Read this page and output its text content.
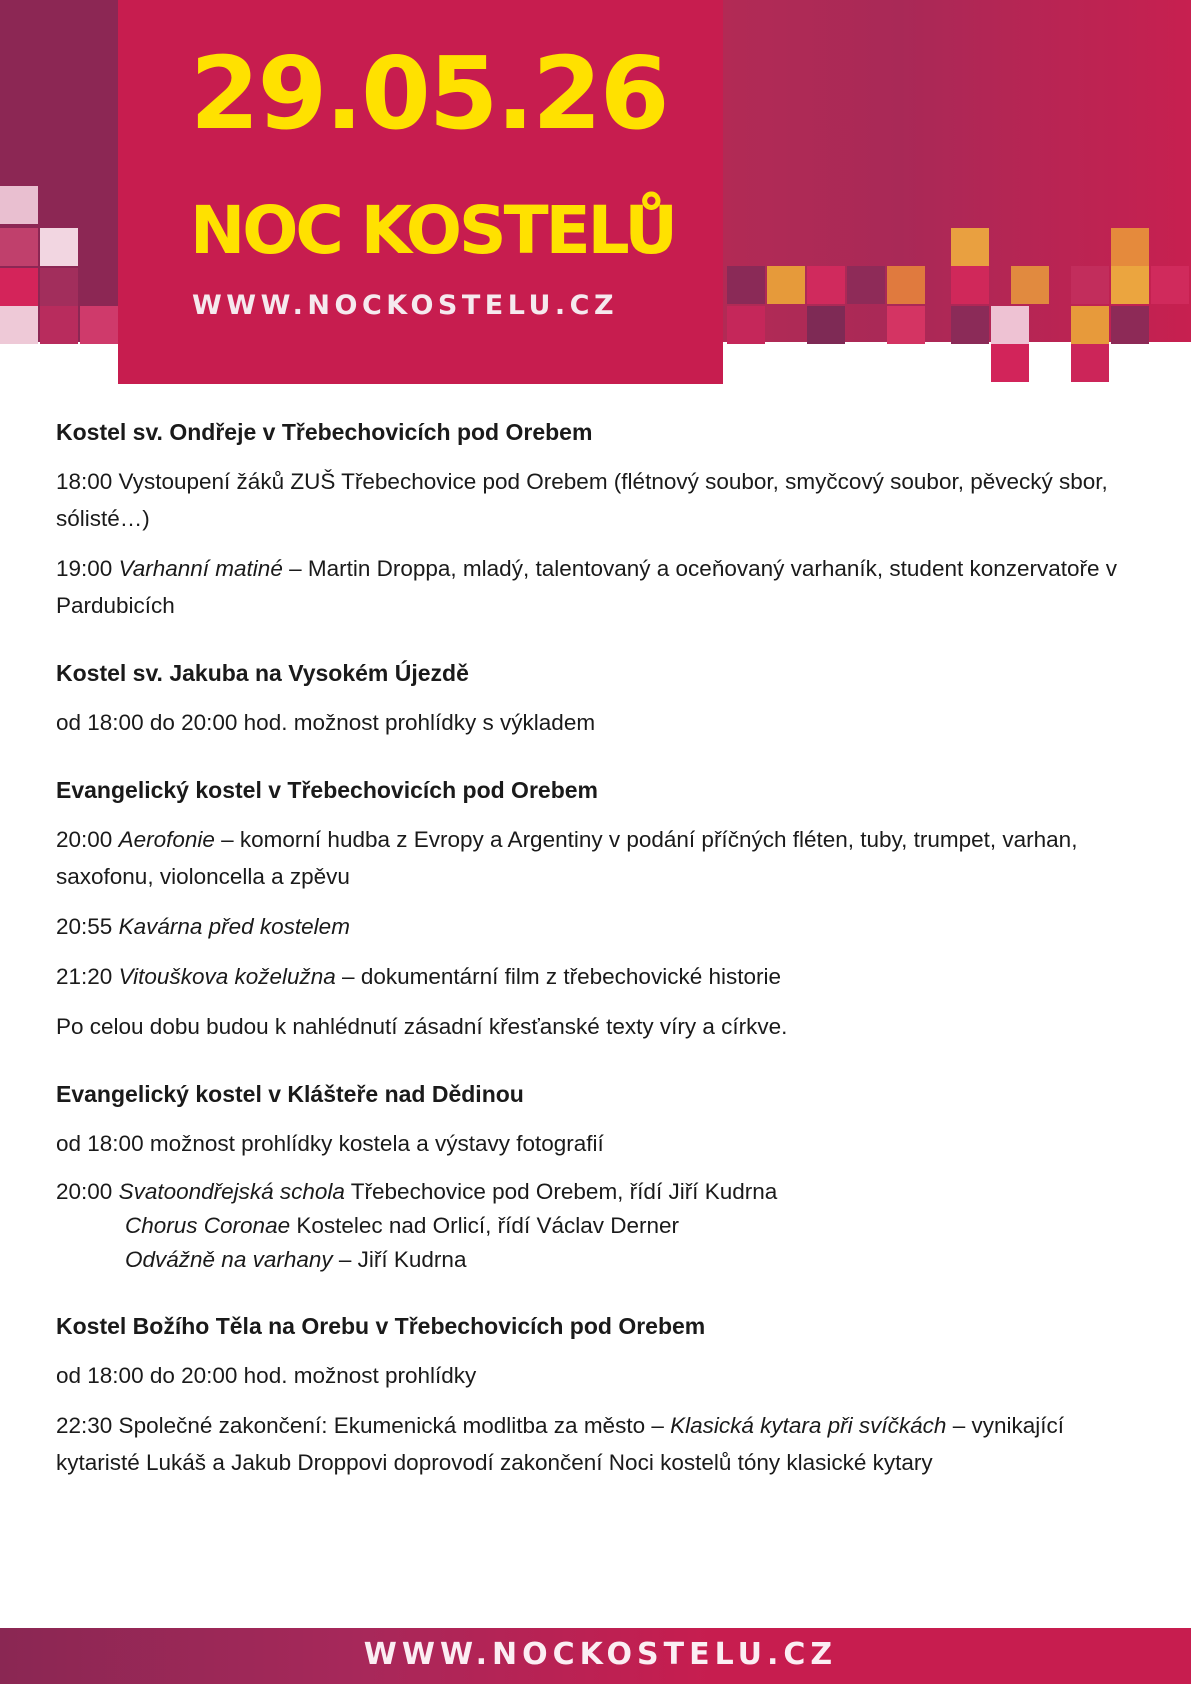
29.05.26
NOC KOSTELŮ
WWW.NOCKOSTELU.CZ
Kostel sv. Ondřeje v Třebechovicích pod Orebem
18:00 Vystoupení žáků ZUŠ Třebechovice pod Orebem (flétnový soubor, smyčcový soubor, pěvecký sbor, sólisté…)
19:00 Varhanní matiné – Martin Droppa, mladý, talentovaný a oceňovaný varhaník, student konzervatoře v Pardubicích
Kostel sv. Jakuba na Vysokém Újezdě
od 18:00 do 20:00 hod. možnost prohlídky s výkladem
Evangelický kostel v Třebechovicích pod Orebem
20:00 Aerofonie – komorní hudba z Evropy a Argentiny v podání příčných fléten, tuby, trumpet, varhan, saxofonu, violoncella a zpěvu
20:55 Kavárna před kostelem
21:20 Vitouškova koželužna – dokumentární film z třebechovické historie
Po celou dobu budou k nahlédnutí zásadní křesťanské texty víry a církve.
Evangelický kostel v Klášteře nad Dědinou
od 18:00 možnost prohlídky kostela a výstavy fotografií
20:00 Svatoondřejská schola Třebechovice pod Orebem, řídí Jiří Kudrna
Chorus Coronae Kostelec nad Orlicí, řídí Václav Derner
Odvážně na varhany – Jiří Kudrna
Kostel Božího Těla na Orebu v Třebechovicích pod Orebem
od 18:00 do 20:00 hod. možnost prohlídky
22:30 Společné zakončení: Ekumenická modlitba za město – Klasická kytara při svíčkách – vynikající kytaristé Lukáš a Jakub Droppovi doprovodí zakončení Noci kostelů tóny klasické kytary
WWW.NOCKOSTELU.CZ
